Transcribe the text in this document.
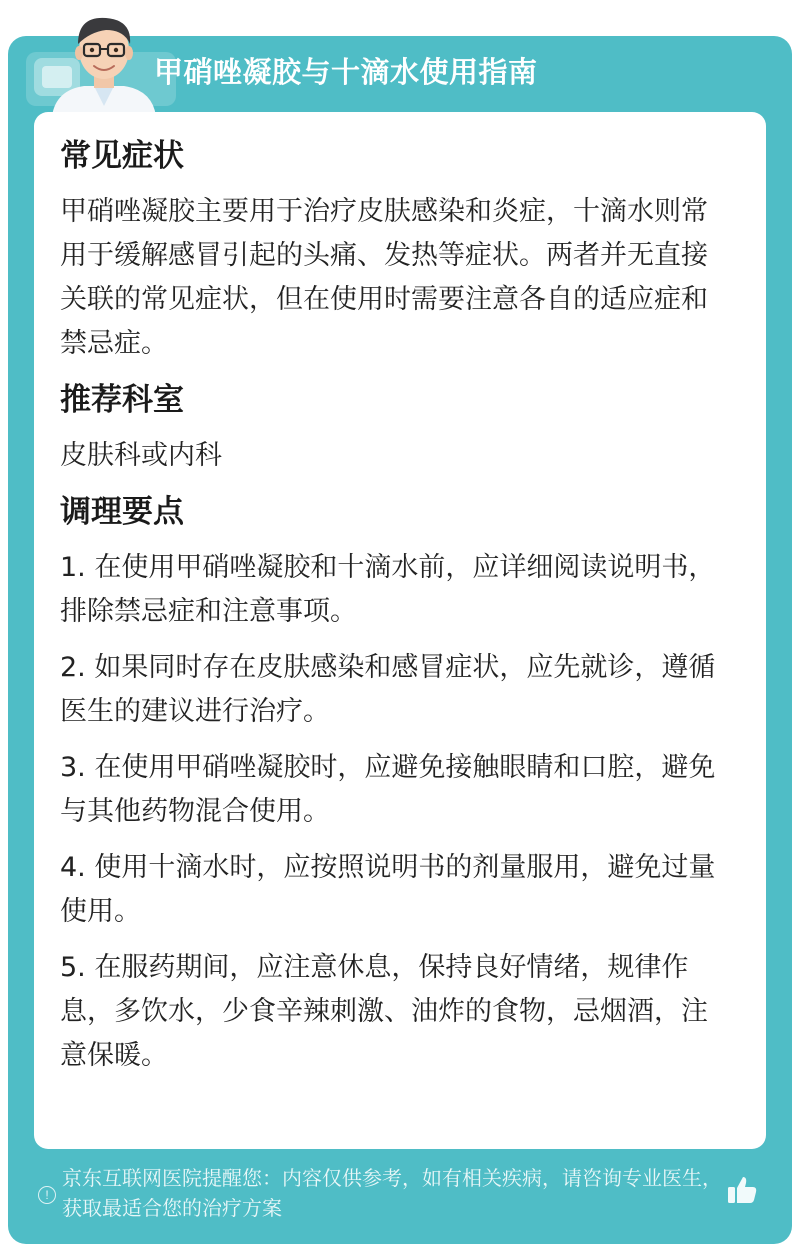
甲硝唑凝胶与十滴水使用指南
常见症状
甲硝唑凝胶主要用于治疗皮肤感染和炎症，十滴水则常用于缓解感冒引起的头痛、发热等症状。两者并无直接关联的常见症状，但在使用时需要注意各自的适应症和禁忌症。
推荐科室
皮肤科或内科
调理要点
1. 在使用甲硝唑凝胶和十滴水前，应详细阅读说明书，排除禁忌症和注意事项。
2. 如果同时存在皮肤感染和感冒症状，应先就诊，遵循医生的建议进行治疗。
3. 在使用甲硝唑凝胶时，应避免接触眼睛和口腔，避免与其他药物混合使用。
4. 使用十滴水时，应按照说明书的剂量服用，避免过量使用。
5. 在服药期间，应注意休息，保持良好情绪，规律作息，多饮水，少食辛辣刺激、油炸的食物，忌烟酒，注意保暖。
!
京东互联网医院提醒您：内容仅供参考，如有相关疾病，请咨询专业医生，获取最适合您的治疗方案
